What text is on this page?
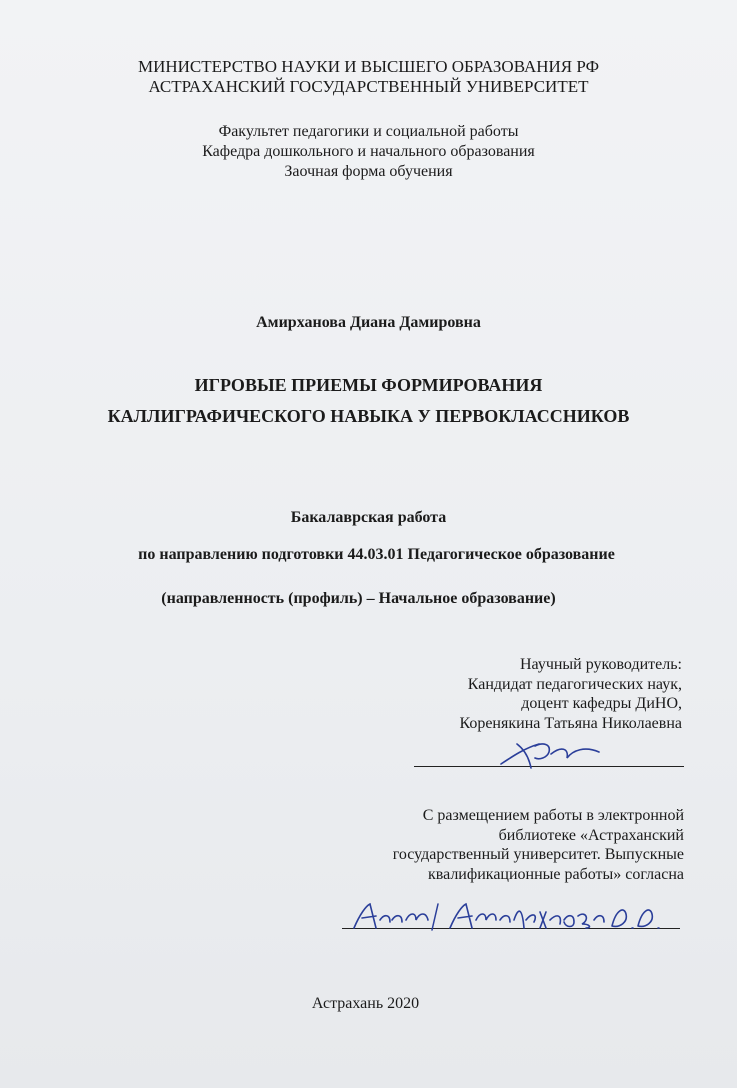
МИНИСТЕРСТВО НАУКИ И ВЫСШЕГО ОБРАЗОВАНИЯ РФ
АСТРАХАНСКИЙ ГОСУДАРСТВЕННЫЙ УНИВЕРСИТЕТ
Факультет педагогики и социальной работы
Кафедра дошкольного и начального образования
Заочная форма обучения
Амирханова Диана Дамировна
ИГРОВЫЕ ПРИЕМЫ ФОРМИРОВАНИЯ
КАЛЛИГРАФИЧЕСКОГО НАВЫКА У ПЕРВОКЛАССНИКОВ
Бакалаврская работа
по направлению подготовки 44.03.01 Педагогическое образование
(направленность (профиль) – Начальное образование)
Научный руководитель:
Кандидат педагогических наук,
доцент кафедры ДиНО,
Коренякина Татьяна Николаевна
С размещением работы в электронной
библиотеке «Астраханский
государственный университет. Выпускные
квалификационные работы» согласна
Астрахань 2020
